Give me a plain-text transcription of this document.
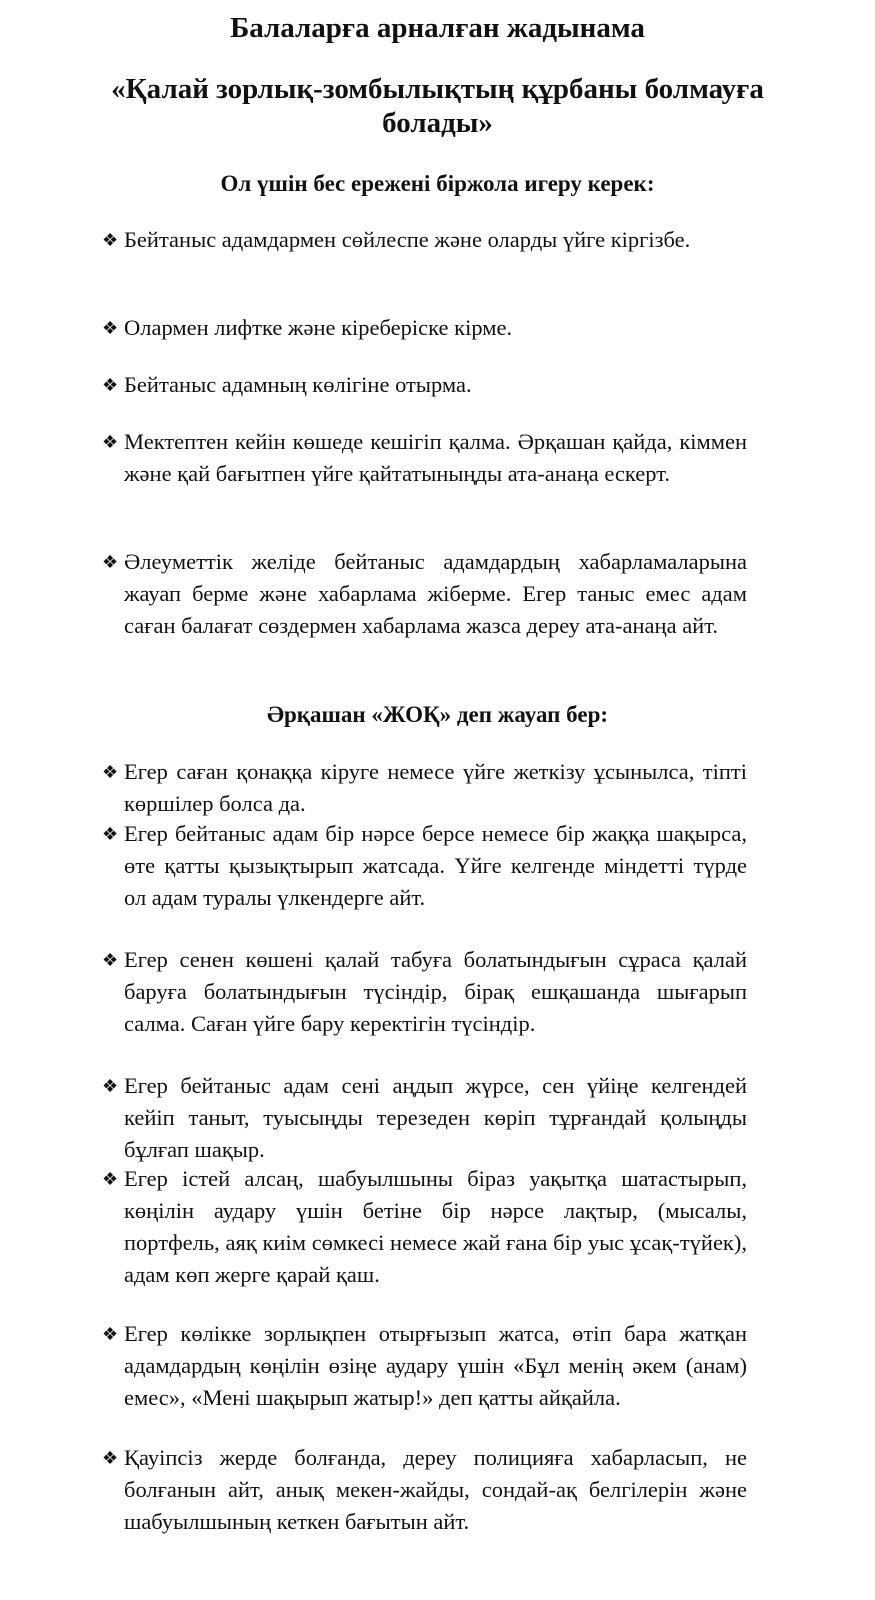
Балаларға арналған жадынама
«Қалай зорлық-зомбылықтың құрбаны болмауға болады»
Ол үшін бес ережені біржола игеру керек:
❖ Бейтаныс адамдармен сөйлеспе және оларды үйге кіргізбе.
❖ Олармен лифтке және кіреберіске кірме.
❖ Бейтаныс адамның көлігіне отырма.
❖ Мектептен кейін көшеде кешігіп қалма. Әрқашан қайда, кіммен және қай бағытпен үйге қайтатыныңды ата-анаңа ескерт.
❖ Әлеуметтік желіде бейтаныс адамдардың хабарламаларына жауап берме және хабарлама жіберме. Егер таныс емес адам саған балағат сөздермен хабарлама жазса дереу ата-анаңа айт.
Әрқашан «ЖОҚ» деп жауап бер:
❖ Егер саған қонаққа кіруге немесе үйге жеткізу ұсынылса, тіпті көршілер болса да.
❖ Егер бейтаныс адам бір нәрсе берсе немесе бір жаққа шақырса, өте қатты қызықтырып жатсада. Үйге келгенде міндетті түрде ол адам туралы үлкендерге айт.
❖ Егер сенен көшені қалай табуға болатындығын сұраса қалай баруға болатындығын түсіндір, бірақ ешқашанда шығарып салма. Саған үйге бару керектігін түсіндір.
❖ Егер бейтаныс адам сені аңдып жүрсе, сен үйіңе келгендей кейіп таныт, туысыңды терезеден көріп тұрғандай қолыңды бұлғап шақыр.
❖ Егер істей алсаң, шабуылшыны біраз уақытқа шатастырып, көңілін аудару үшін бетіне бір нәрсе лақтыр, (мысалы, портфель, аяқ киім сөмкесі немесе жай ғана бір уыс ұсақ-түйек), адам көп жерге қарай қаш.
❖ Егер көлікке зорлықпен отырғызып жатса, өтіп бара жатқан адамдардың көңілін өзіңе аудару үшін «Бұл менің әкем (анам) емес», «Мені шақырып жатыр!» деп қатты айқайла.
❖ Қауіпсіз жерде болғанда, дереу полицияға хабарласып, не болғанын айт, анық мекен-жайды, сондай-ақ белгілерін және шабуылшының кеткен бағытын айт.
